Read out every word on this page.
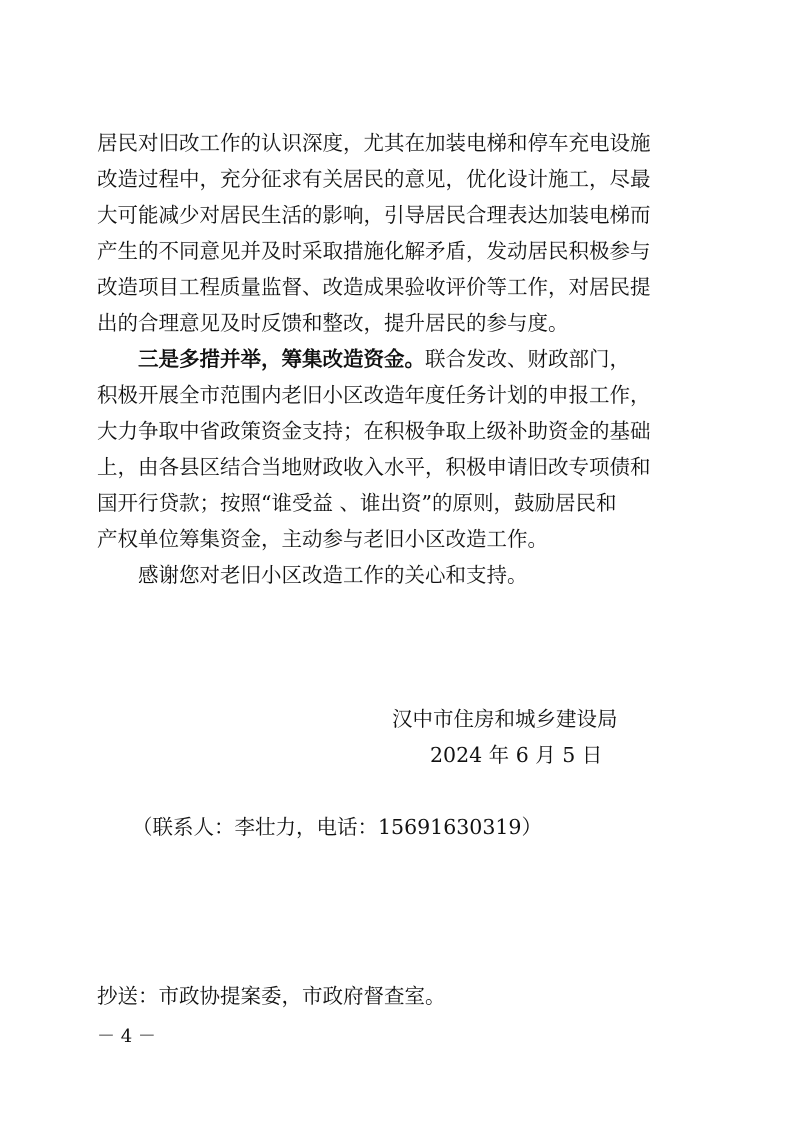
居民对旧改工作的认识深度，尤其在加装电梯和停车充电设施
改造过程中，充分征求有关居民的意见，优化设计施工，尽最
大可能减少对居民生活的影响，引导居民合理表达加装电梯而
产生的不同意见并及时采取措施化解矛盾，发动居民积极参与
改造项目工程质量监督、改造成果验收评价等工作，对居民提
出的合理意见及时反馈和整改，提升居民的参与度。
三是多措并举，筹集改造资金。联合发改、财政部门，
积极开展全市范围内老旧小区改造年度任务计划的申报工作，
大力争取中省政策资金支持；在积极争取上级补助资金的基础
上，由各县区结合当地财政收入水平，积极申请旧改专项债和
国开行贷款；按照“谁受益 、谁出资”的原则，鼓励居民和
产权单位筹集资金，主动参与老旧小区改造工作。
感谢您对老旧小区改造工作的关心和支持。
汉中市住房和城乡建设局
2024 年 6 月 5 日
（联系人：李壮力，电话：15691630319）
抄送：市政协提案委，市政府督查室。
－ 4 －
